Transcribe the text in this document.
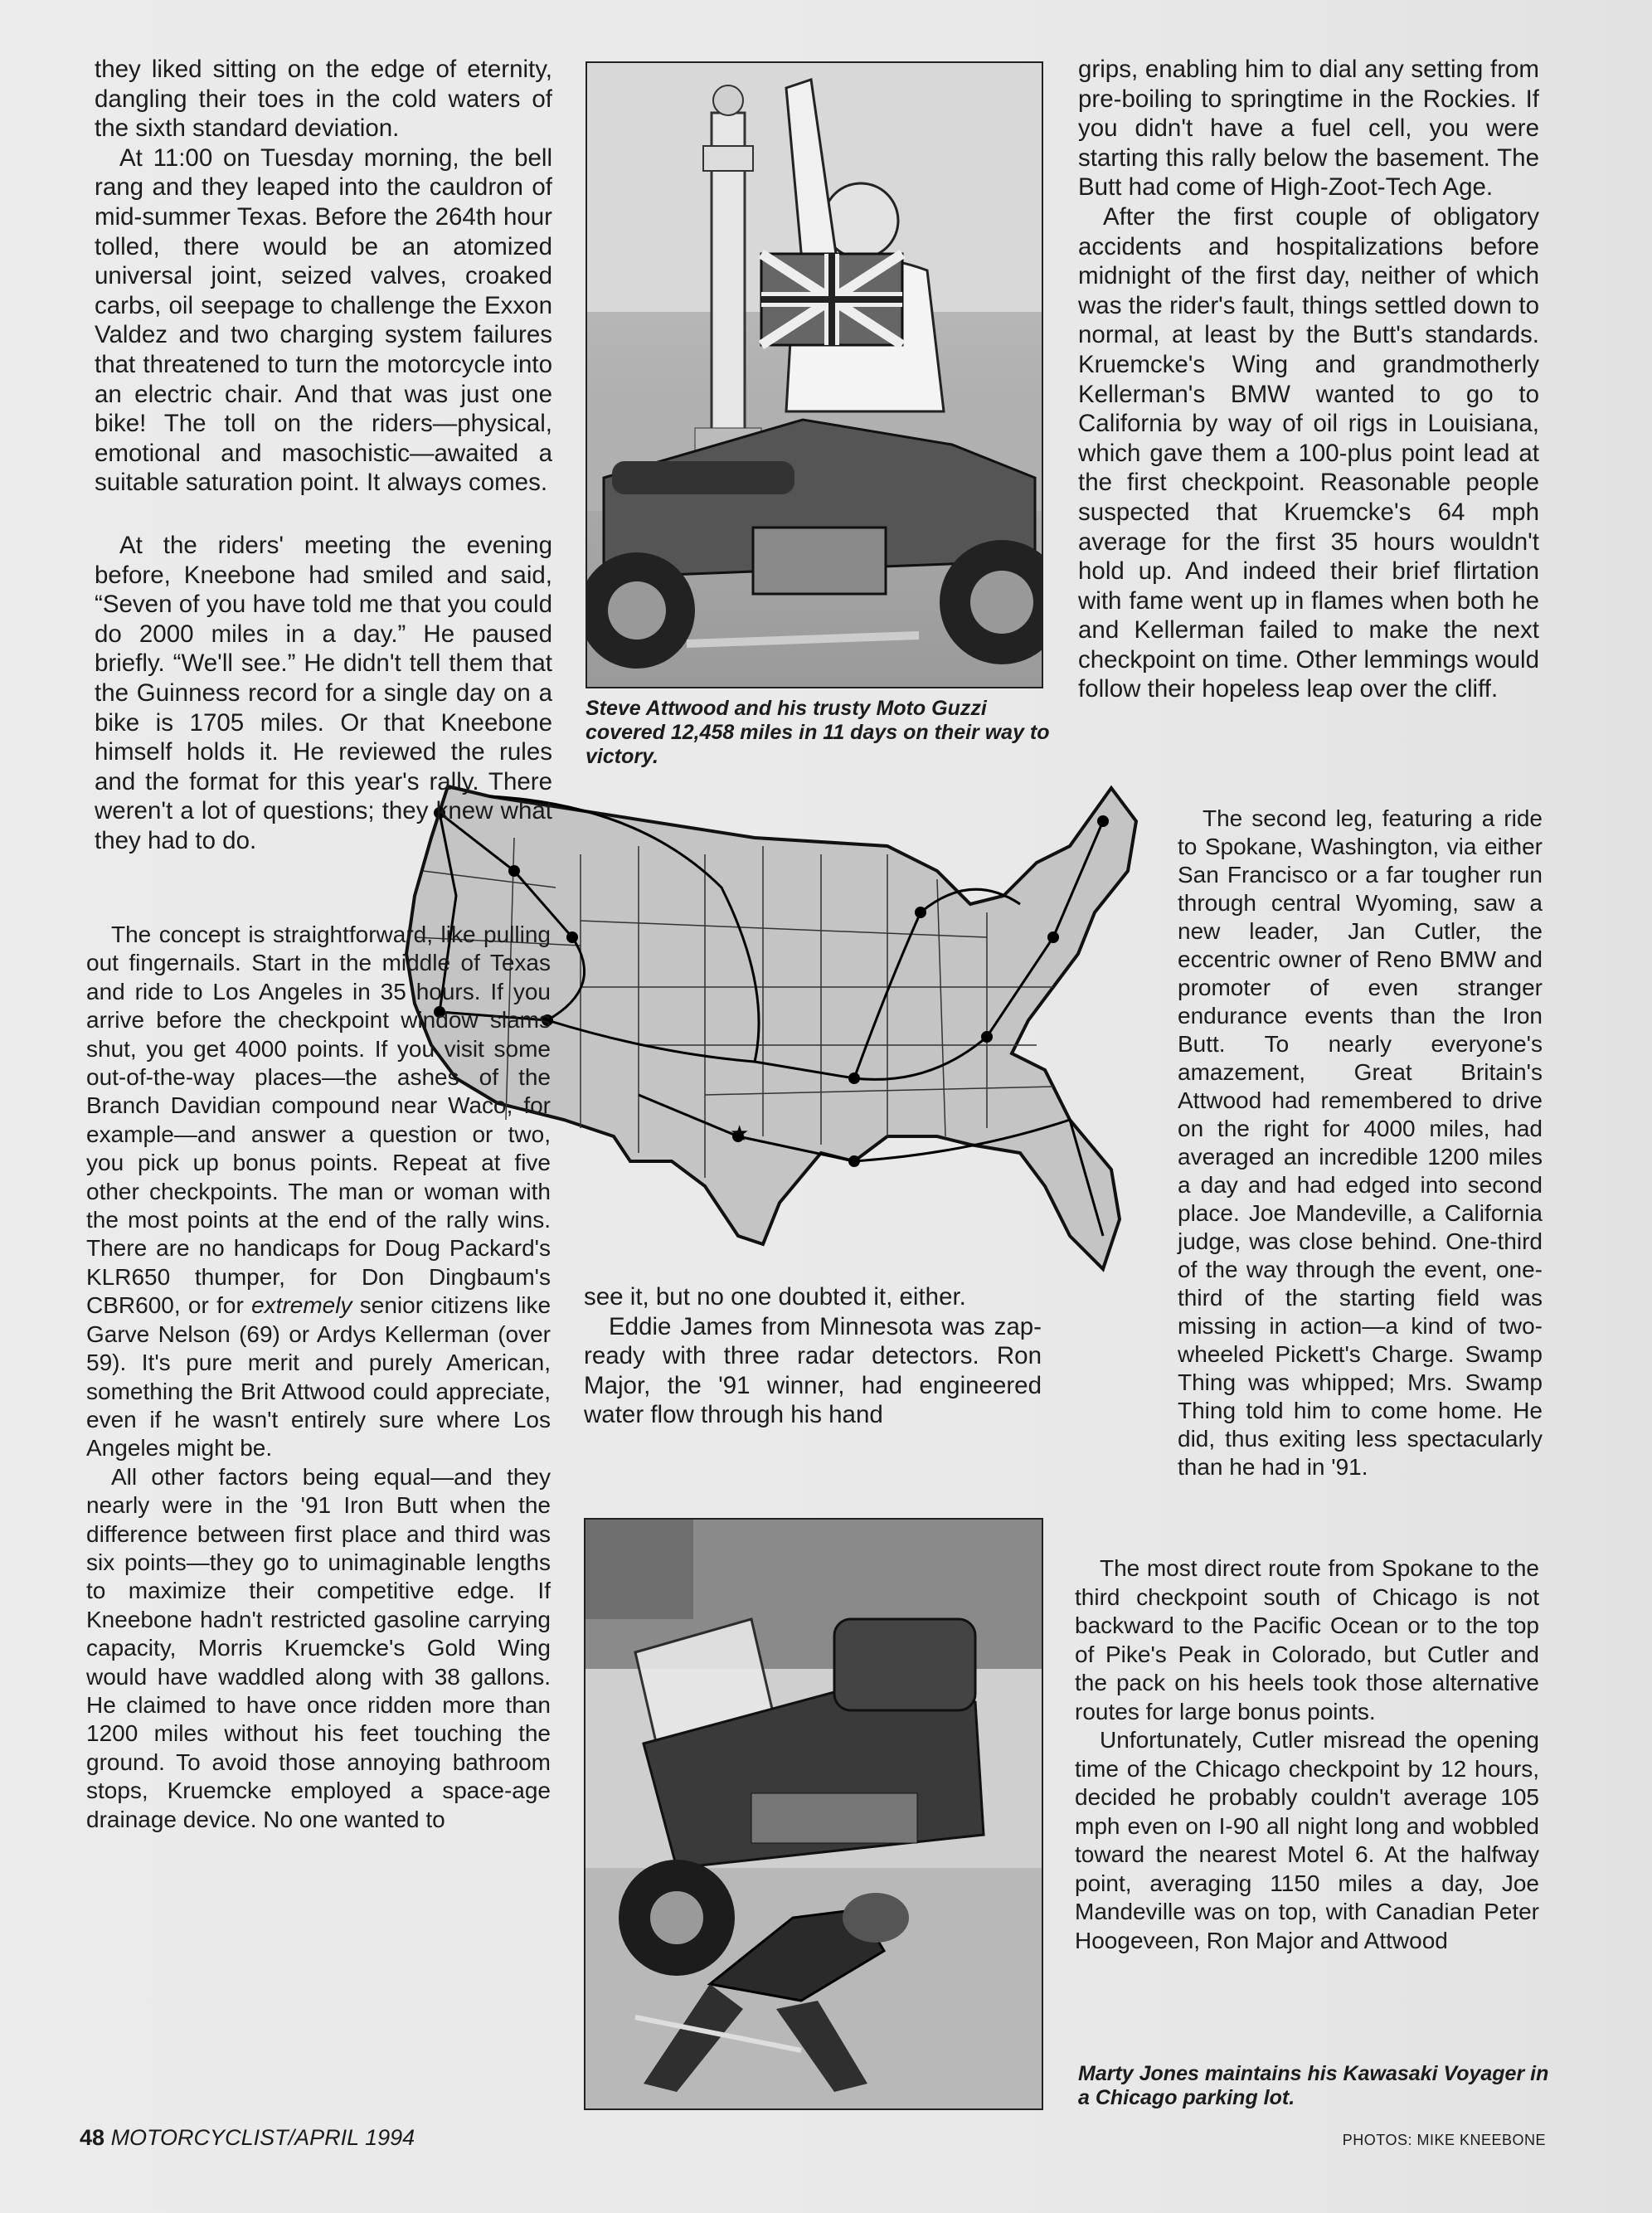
Steve Attwood and his trusty Moto Guzzi covered 12,458 miles in 11 days on their way to victory.
Marty Jones maintains his Kawasaki Voyager in a Chicago parking lot.
★

they liked sitting on the edge of eternity, dangling their toes in the cold waters of the sixth standard deviation.

At 11:00 on Tuesday morning, the bell rang and they leaped into the cauldron of mid-summer Texas. Before the 264th hour tolled, there would be an atomized universal joint, seized valves, croaked carbs, oil seepage to challenge the Exxon Valdez and two charging system failures that threatened to turn the motorcycle into an electric chair. And that was just one bike! The toll on the riders—physical, emotional and masochistic—awaited a suitable saturation point. It always comes.

At the riders' meeting the evening before, Kneebone had smiled and said, “Seven of you have told me that you could do 2000 miles in a day.” He paused briefly. “We'll see.” He didn't tell them that the Guinness record for a single day on a bike is 1705 miles. Or that Kneebone himself holds it. He reviewed the rules and the format for this year's rally. There weren't a lot of questions; they knew what they had to do.

The concept is straightforward, like pulling out fingernails. Start in the middle of Texas and ride to Los Angeles in 35 hours. If you arrive before the checkpoint window slams shut, you get 4000 points. If you visit some out-of-the-way places—the ashes of the Branch Davidian compound near Waco, for example—and answer a question or two, you pick up bonus points. Repeat at five other checkpoints. The man or woman with the most points at the end of the rally wins. There are no handicaps for Doug Packard's KLR650 thumper, for Don Dingbaum's CBR600, or for extremely senior citizens like Garve Nelson (69) or Ardys Kellerman (over 59). It's pure merit and purely American, something the Brit Attwood could appreciate, even if he wasn't entirely sure where Los Angeles might be.

All other factors being equal—and they nearly were in the '91 Iron Butt when the difference between first place and third was six points—they go to unimaginable lengths to maximize their competitive edge. If Kneebone hadn't restricted gasoline carrying capacity, Morris Kruemcke's Gold Wing would have waddled along with 38 gallons. He claimed to have once ridden more than 1200 miles without his feet touching the ground. To avoid those annoying bathroom stops, Kruemcke employed a space-age drainage device. No one wanted to

see it, but no one doubted it, either.

Eddie James from Minnesota was zap-ready with three radar detectors. Ron Major, the '91 winner, had engineered water flow through his hand

grips, enabling him to dial any setting from pre-boiling to springtime in the Rockies. If you didn't have a fuel cell, you were starting this rally below the basement. The Butt had come of High-Zoot-Tech Age.

After the first couple of obligatory accidents and hospitalizations before midnight of the first day, neither of which was the rider's fault, things settled down to normal, at least by the Butt's standards. Kruemcke's Wing and grandmotherly Kellerman's BMW wanted to go to California by way of oil rigs in Louisiana, which gave them a 100-plus point lead at the first checkpoint. Reasonable people suspected that Kruemcke's 64 mph average for the first 35 hours wouldn't hold up. And indeed their brief flirtation with fame went up in flames when both he and Kellerman failed to make the next checkpoint on time. Other lemmings would follow their hopeless leap over the cliff.

The second leg, featuring a ride to Spokane, Washington, via either San Francisco or a far tougher run through central Wyoming, saw a new leader, Jan Cutler, the eccentric owner of Reno BMW and promoter of even stranger endurance events than the Iron Butt. To nearly everyone's amazement, Great Britain's Attwood had remembered to drive on the right for 4000 miles, had averaged an incredible 1200 miles a day and had edged into second place. Joe Mandeville, a California judge, was close behind. One-third of the way through the event, one-third of the starting field was missing in action—a kind of two-wheeled Pickett's Charge. Swamp Thing was whipped; Mrs. Swamp Thing told him to come home. He did, thus exiting less spectacularly than he had in '91.

The most direct route from Spokane to the third checkpoint south of Chicago is not backward to the Pacific Ocean or to the top of Pike's Peak in Colorado, but Cutler and the pack on his heels took those alternative routes for large bonus points.

Unfortunately, Cutler misread the opening time of the Chicago checkpoint by 12 hours, decided he probably couldn't average 105 mph even on I-90 all night long and wobbled toward the nearest Motel 6. At the halfway point, averaging 1150 miles a day, Joe Mandeville was on top, with Canadian Peter Hoogeveen, Ron Major and Attwood

48 MOTORCYCLIST/APRIL 1994	PHOTOS: MIKE KNEEBONE
